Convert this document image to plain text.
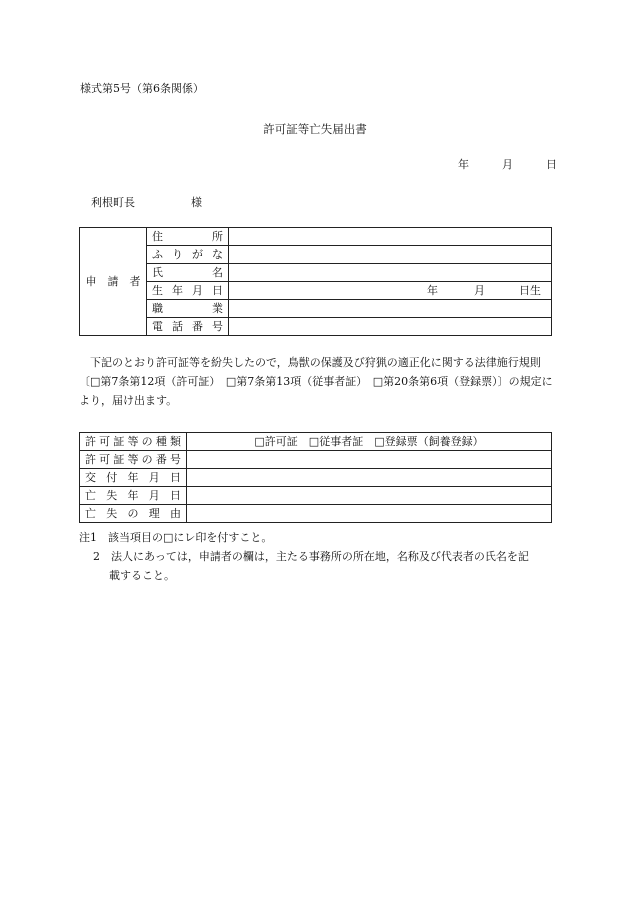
様式第5号（第6条関係）
許可証等亡失届出書
年	月	日
利根町長	様
申　請　者	住所	
	ふりがな	
	氏名	
	生年月日	年 月 日生

	職業	
	電話番号	

下記のとおり許可証等を紛失したので，鳥獣の保護及び狩猟の適正化に関する法律施行規則〔□第7条第12項（許可証）　□第7条第13項（従事者証）　□第20条第6項（登録票）〕の規定により，届け出ます。

許可証等の種類	□許可証　□従事者証　□登録票（飼養登録）
許可証等の番号	
交付年月日	
亡失年月日	
亡失の理由	

注1　該当項目の□にレ印を付すこと。

2　 法人にあっては，申請者の欄は，主たる事務所の所在地，名称及び代表者の氏名を記
載すること。
